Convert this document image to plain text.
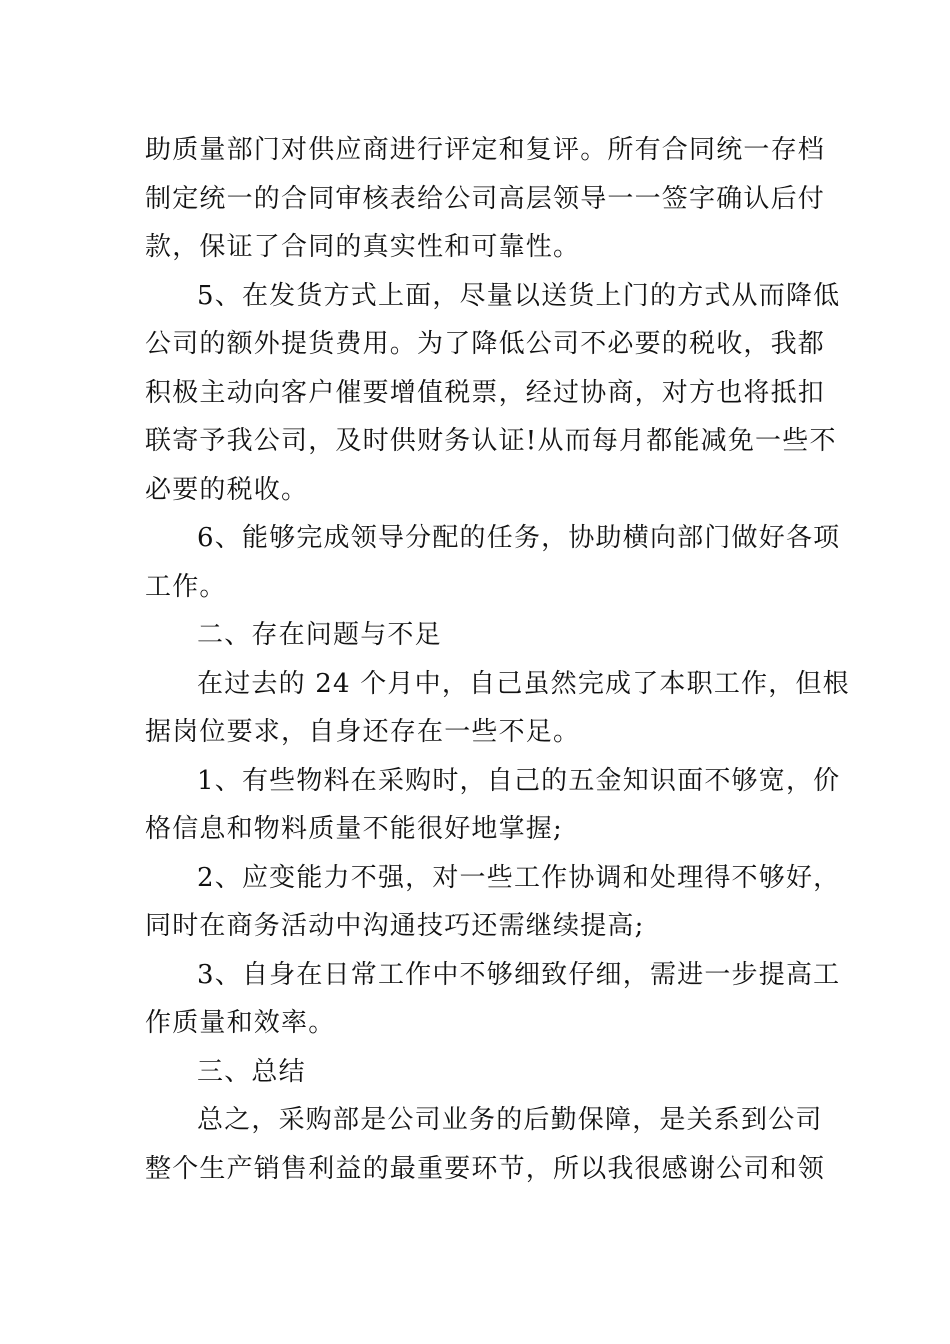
助质量部门对供应商进行评定和复评。所有合同统一存档
制定统一的合同审核表给公司高层领导一一签字确认后付
款，保证了合同的真实性和可靠性。
5、在发货方式上面，尽量以送货上门的方式从而降低
公司的额外提货费用。为了降低公司不必要的税收，我都
积极主动向客户催要增值税票，经过协商，对方也将抵扣
联寄予我公司，及时供财务认证!从而每月都能减免一些不
必要的税收。
6、能够完成领导分配的任务，协助横向部门做好各项
工作。
二、存在问题与不足
在过去的 24 个月中，自己虽然完成了本职工作，但根
据岗位要求，自身还存在一些不足。
1、有些物料在采购时，自己的五金知识面不够宽，价
格信息和物料质量不能很好地掌握;
2、应变能力不强，对一些工作协调和处理得不够好，
同时在商务活动中沟通技巧还需继续提高;
3、自身在日常工作中不够细致仔细，需进一步提高工
作质量和效率。
三、总结
总之，采购部是公司业务的后勤保障，是关系到公司
整个生产销售利益的最重要环节，所以我很感谢公司和领
